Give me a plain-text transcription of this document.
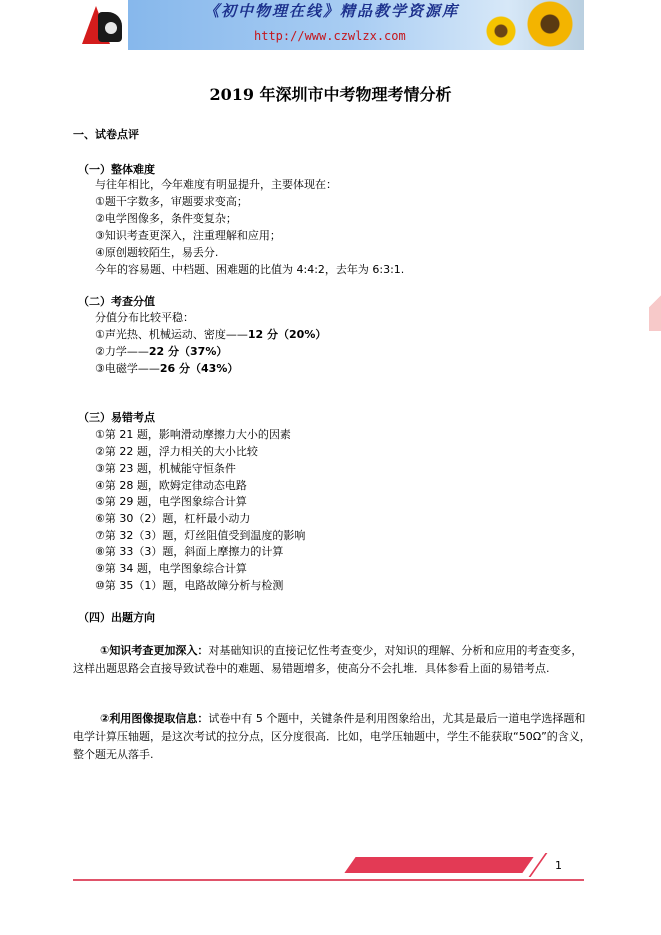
《初中物理在线》精品教学资源库
http://www.czwlzx.com
2019 年深圳市中考物理考情分析
一、试卷点评
（一）整体难度
与往年相比，今年难度有明显提升，主要体现在：
①题干字数多，审题要求变高；
②电学图像多，条件变复杂；
③知识考查更深入，注重理解和应用；
④原创题较陌生，易丢分.
今年的容易题、中档题、困难题的比值为 4:4:2，去年为 6:3:1.
（二）考查分值
分值分布比较平稳：
①声光热、机械运动、密度——12 分（20%）
②力学——22 分（37%）
③电磁学——26 分（43%）
（三）易错考点
①第 21 题，影响滑动摩擦力大小的因素
②第 22 题，浮力相关的大小比较
③第 23 题，机械能守恒条件
④第 28 题，欧姆定律动态电路
⑤第 29 题，电学图象综合计算
⑥第 30（2）题，杠杆最小动力
⑦第 32（3）题，灯丝阻值受到温度的影响
⑧第 33（3）题，斜面上摩擦力的计算
⑨第 34 题，电学图象综合计算
⑩第 35（1）题，电路故障分析与检测
（四）出题方向
①知识考查更加深入：对基础知识的直接记忆性考查变少，对知识的理解、分析和应用的考查变多，这样出题思路会直接导致试卷中的难题、易错题增多，使高分不会扎堆．具体参看上面的易错考点.
②利用图像提取信息：试卷中有 5 个题中，关键条件是利用图象给出，尤其是最后一道电学选择题和电学计算压轴题，是这次考试的拉分点，区分度很高．比如，电学压轴题中，学生不能获取“50Ω”的含义，整个题无从落手.
1
